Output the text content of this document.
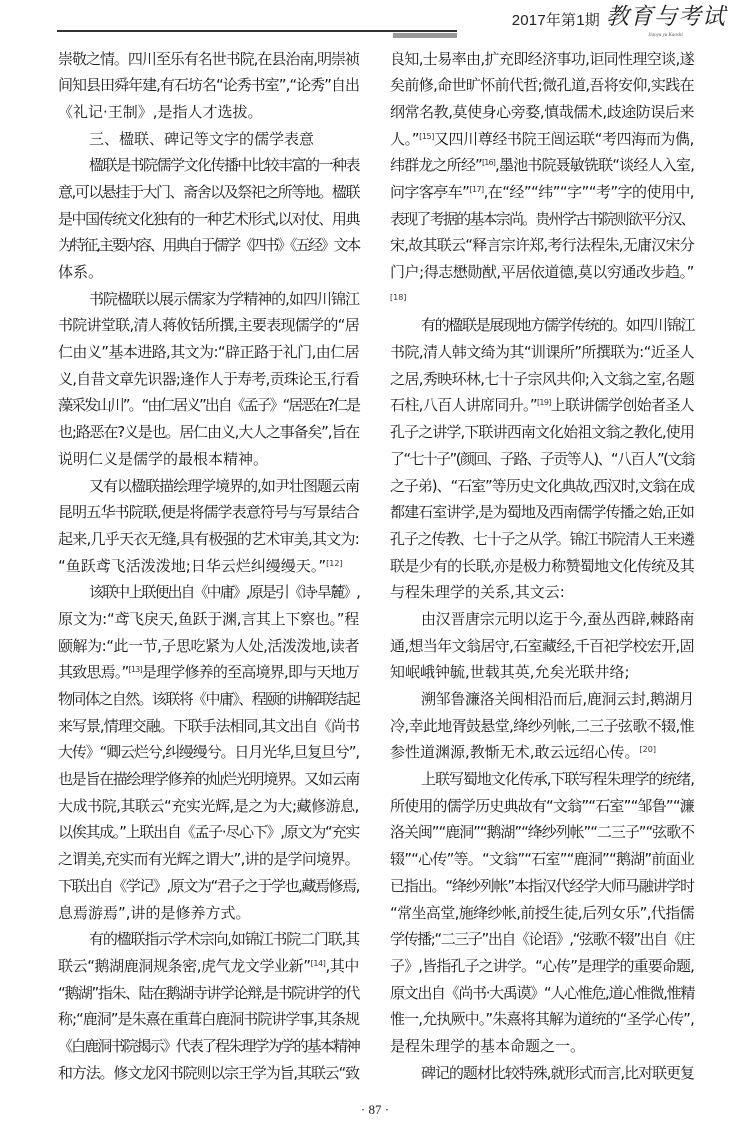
2017年第1期 教育与考试
Jiaoyu yu Kaoshi
崇敬之情。四川至乐有名世书院,在县治南,明崇祯
间知县田舜年建,有石坊名“论秀书室”,“论秀”自出
《礼记·王制》,是指人才选拔。
三、楹联、碑记等文字的儒学表意
楹联是书院儒学文化传播中比较丰富的一种表
意,可以悬挂于大门、斋舍以及祭祀之所等地。楹联
是中国传统文化独有的一种艺术形式,以对仗、用典
为特征,主要内容、用典自于儒学《四书》《五经》文本
体系。
书院楹联以展示儒家为学精神的,如四川锦江
书院讲堂联,清人蒋攸铦所撰,主要表现儒学的“居
仁由义”基本进路,其文为:“辟正路于礼门,由仁居
义,自昔文章先识器;逢作人于寿考,贡珠论玉,行看
藻采发山川”。“由仁居义”出自《孟子》“居恶在?仁是
也;路恶在?义是也。居仁由义,大人之事备矣”,旨在
说明仁义是儒学的最根本精神。
又有以楹联描绘理学境界的,如尹壮图题云南
昆明五华书院联,便是将儒学表意符号与写景结合
起来,几乎天衣无缝,具有极强的艺术审美,其文为:
“鱼跃鸢飞活泼泼地;日华云烂纠缦缦天。”[12]
该联中上联便出自《中庸》,原是引《诗·旱麓》,
原文为:“鸢飞戾天,鱼跃于渊,言其上下察也。”程
颐解为:“此一节,子思吃紧为人处,活泼泼地,读者
其致思焉。”[13]是理学修养的至高境界,即与天地万
物同体之自然。该联将《中庸》、程颐的讲解联结起
来写景,情理交融。下联手法相同,其文出自《尚书
大传》“卿云烂兮,纠缦缦兮。日月光华,旦复旦兮”,
也是旨在描绘理学修养的灿烂光明境界。又如云南
大成书院,其联云“充实光辉,是之为大;藏修游息,
以俟其成。”上联出自《孟子·尽心下》,原文为“充实
之谓美,充实而有光辉之谓大”,讲的是学问境界。
下联出自《学记》,原文为“君子之于学也,藏焉修焉,
息焉游焉”,讲的是修养方式。
有的楹联指示学术宗向,如锦江书院二门联,其
联云“鹅湖鹿洞规条密,虎气龙文学业新”[14],其中
“鹅湖”指朱、陆在鹅湖寺讲学论辩,是书院讲学的代
称;“鹿洞”是朱熹在重葺白鹿洞书院讲学事,其条规
《白鹿洞书院揭示》代表了程朱理学为学的基本精神
和方法。修文龙冈书院则以宗王学为旨,其联云“致
良知,士易率由,扩充即经济事功,讵同性理空谈,遂
矣前修,命世旷怀前代哲;微孔道,吾将安仰,实践在
纲常名教,莫使身心旁婺,慎哉儒术,歧途防误后来
人。”[15]又四川尊经书院王闿运联“考四海而为儁,
纬群龙之所经”[16],墨池书院聂敏铣联“谈经人入室,
问字客亭车”[17],在“经”“纬”“字”“考”字的使用中,
表现了考据的基本宗尚。贵州学古书院则欲平分汉、
宋,故其联云“释言宗许郑,考行法程朱,无庸汉宋分
门户;得志懋勋猷,平居依道德,莫以穷通改步趋。”
[18]
有的楹联是展现地方儒学传统的。如四川锦江
书院,清人韩文绮为其“训课所”所撰联为:“近圣人
之居,秀映环林,七十子宗风共仰;入文翁之室,名题
石柱,八百人讲席同升。”[19]上联讲儒学创始者圣人
孔子之讲学,下联讲西南文化始祖文翁之教化,使用
了“七十子”(颜回、子路、子贡等人)、“八百人”(文翁
之子弟)、“石室”等历史文化典故,西汉时,文翁在成
都建石室讲学,是为蜀地及西南儒学传播之始,正如
孔子之传教、七十子之从学。锦江书院清人王来遴
联是少有的长联,亦是极力称赞蜀地文化传统及其
与程朱理学的关系,其文云:
由汉晋唐宗元明以迄于今,蚕丛西辟,棘路南
通,想当年文翁居守,石室藏经,千百祀学校宏开,固
知岷峨钟毓,世载其英,允矣光联井络;
溯邹鲁濂洛关闽相沿而后,鹿洞云封,鹅湖月
冷,幸此地胥鼓悬堂,绛纱列帐,二三子弦歌不辍,惟
参性道渊源,教惭无术,敢云远绍心传。[20]
上联写蜀地文化传承,下联写程朱理学的统绪,
所使用的儒学历史典故有“文翁”“石室”“邹鲁”“濂
洛关闽”“鹿洞”“鹅湖”“绛纱列帐”“二三子”“弦歌不
辍”“心传”等。“文翁”“石室”“鹿洞”“鹅湖”前面业
已指出。“绛纱列帐”本指汉代经学大师马融讲学时
“常坐高堂,施绛纱帐,前授生徒,后列女乐”,代指儒
学传播;“二三子”出自《论语》,“弦歌不辍”出自《庄
子》,皆指孔子之讲学。“心传”是理学的重要命题,
原文出自《尚书·大禹谟》“人心惟危,道心惟微,惟精
惟一,允执厥中。”朱熹将其解为道统的“圣学心传”,
是程朱理学的基本命题之一。
碑记的题材比较特殊,就形式而言,比对联更复
· 87 ·
